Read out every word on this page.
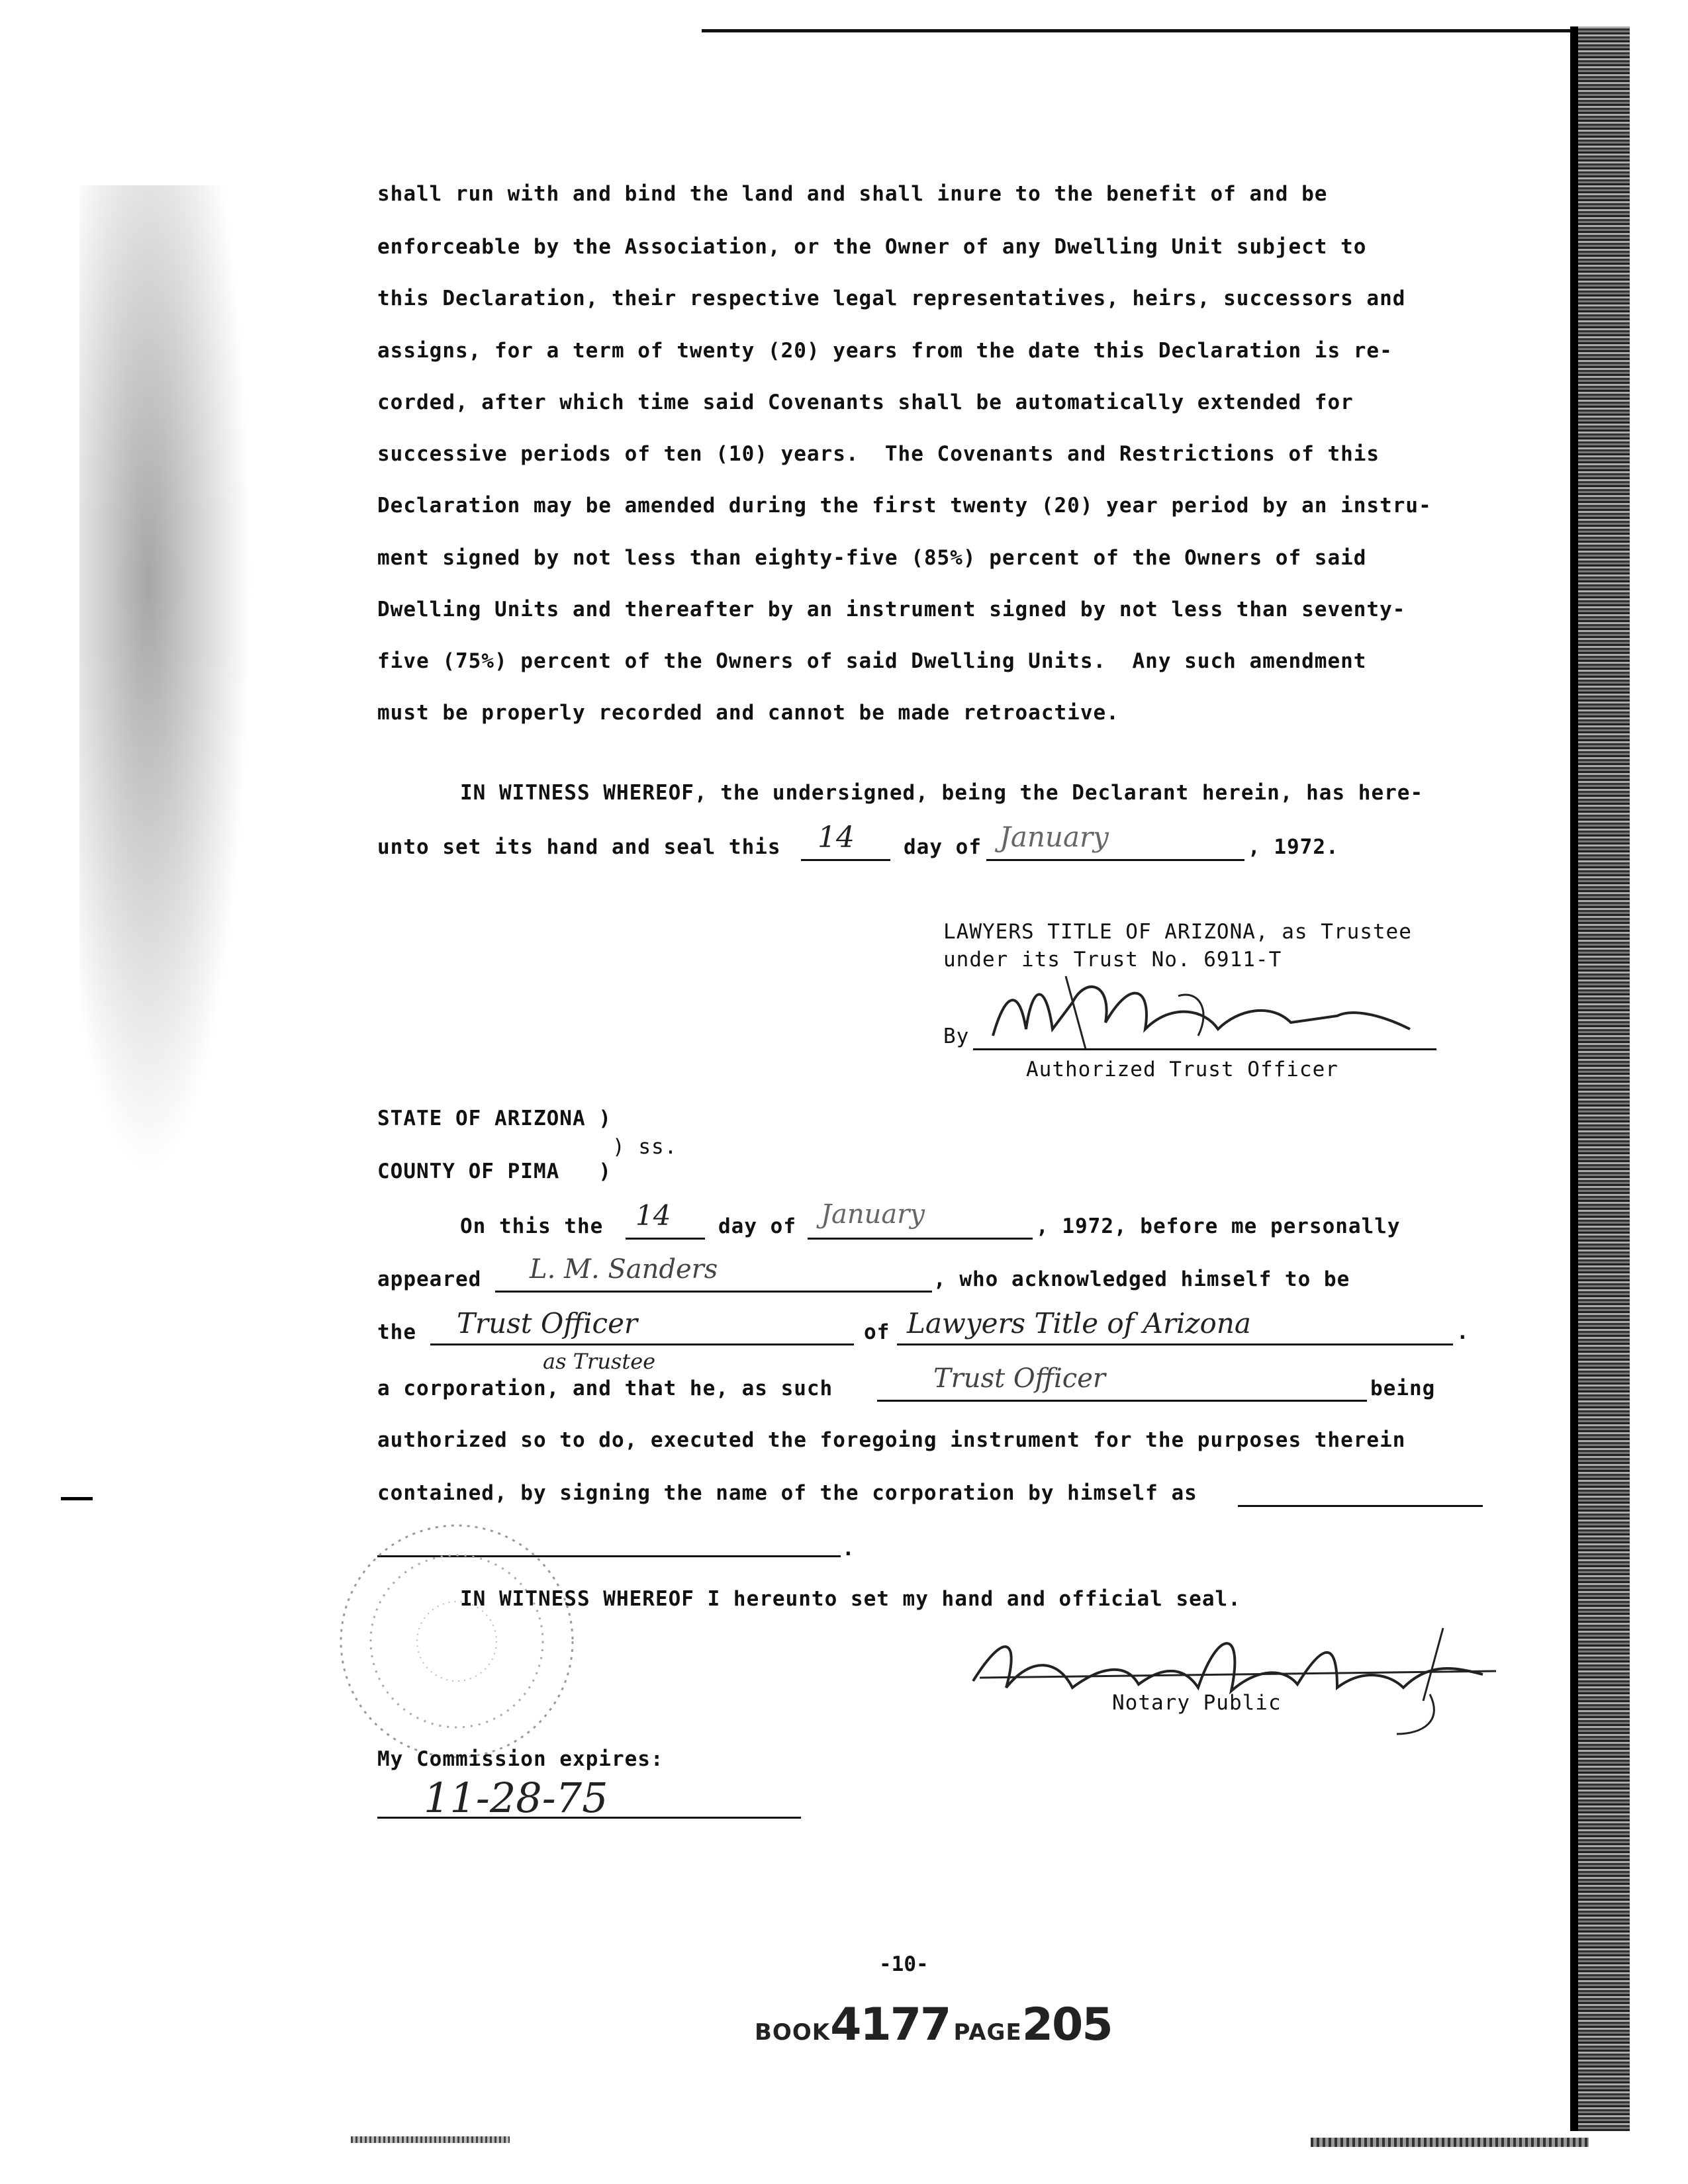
shall run with and bind the land and shall inure to the benefit of and be
enforceable by the Association, or the Owner of any Dwelling Unit subject to
this Declaration, their respective legal representatives, heirs, successors and
assigns, for a term of twenty (20) years from the date this Declaration is re-
corded, after which time said Covenants shall be automatically extended for
successive periods of ten (10) years.  The Covenants and Restrictions of this
Declaration may be amended during the first twenty (20) year period by an instru-
ment signed by not less than eighty-five (85%) percent of the Owners of said
Dwelling Units and thereafter by an instrument signed by not less than seventy-
five (75%) percent of the Owners of said Dwelling Units.  Any such amendment
must be properly recorded and cannot be made retroactive.
IN WITNESS WHEREOF, the undersigned, being the Declarant herein, has here-
unto set its hand and seal this 14 day of January	, 1972.
LAWYERS TITLE OF ARIZONA, as Trustee
under its Trust No. 6911-T
By
Authorized Trust Officer
STATE OF ARIZONA )
) ss.
COUNTY OF PIMA   )
On this the 14 day of January	, 1972, before me personally
appeared L. M. Sanders	, who acknowledged himself to be
the Trust Officer	of Lawyers Title of Arizona	.
as Trustee
a corporation, and that he, as such	Trust Officer	being
authorized so to do, executed the foregoing instrument for the purposes therein
contained, by signing the name of the corporation by himself as
.
IN WITNESS WHEREOF I hereunto set my hand and official seal.
Notary Public
My Commission expires:
11-28-75
-10-
BOOK4177 PAGE205
